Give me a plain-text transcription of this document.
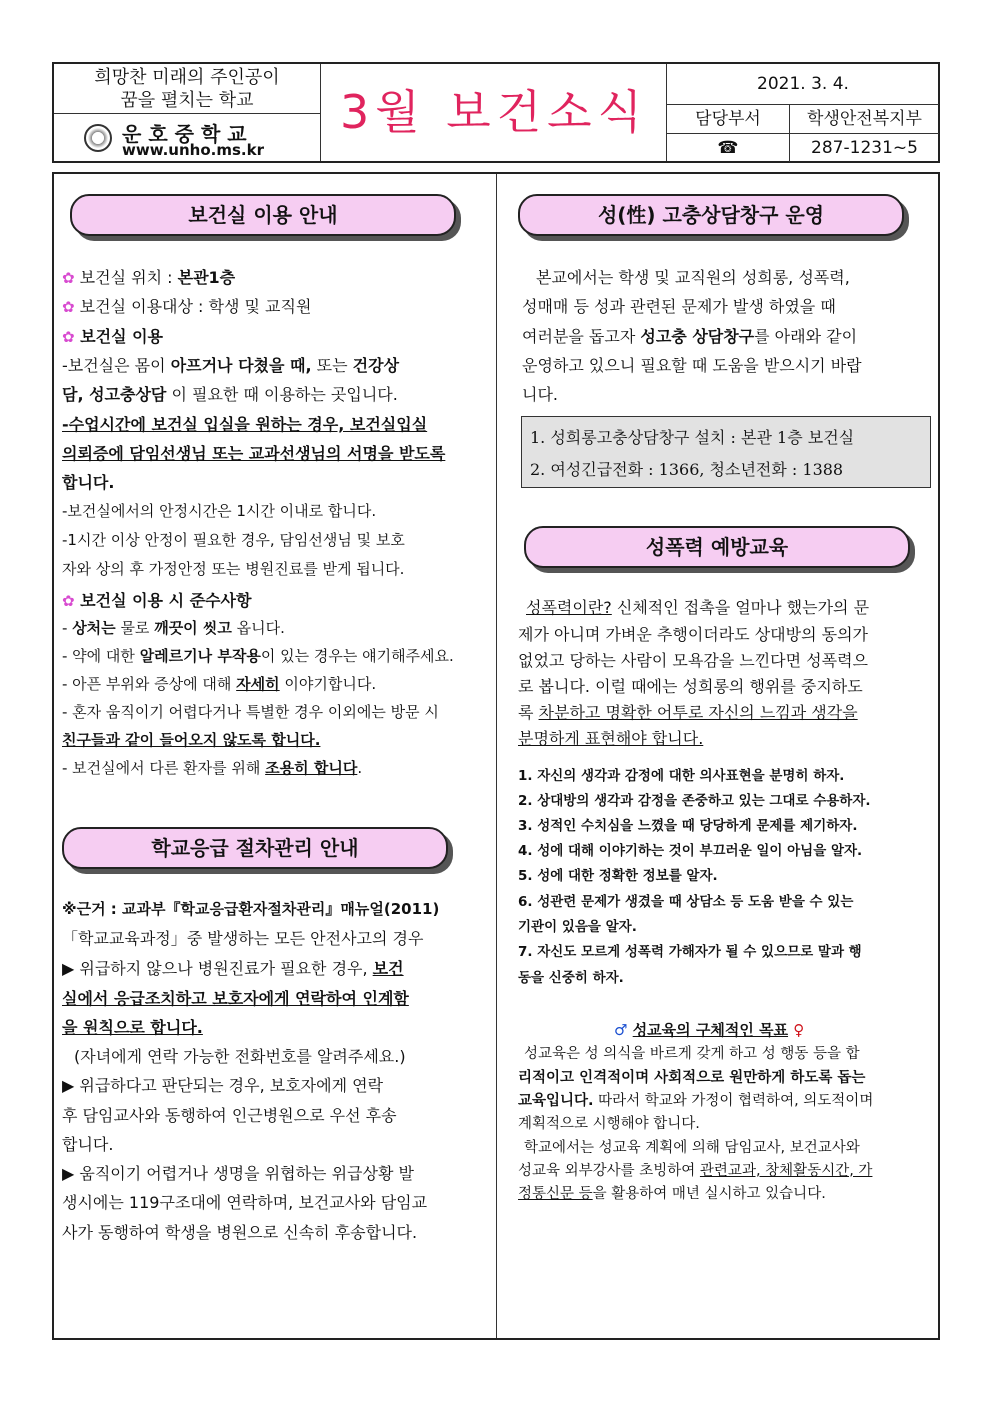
희망찬 미래의 주인공이
꿈을 펼치는 학교
운호중학교
www.unho.ms.kr
3월 보건소식
2021. 3. 4.
담당부서	학생안전복지부
☎	287-1231~5
보건실 이용 안내
✿ 보건실 위치 : 본관1층
✿ 보건실 이용대상 : 학생 및 교직원
✿ 보건실 이용
-보건실은 몸이 아프거나 다쳤을 때, 또는 건강상
담, 성고충상담 이 필요한 때 이용하는 곳입니다.
-수업시간에 보건실 입실을 원하는 경우, 보건실입실
의뢰증에 담임선생님 또는 교과선생님의 서명을 받도록
합니다.
-보건실에서의 안정시간은 1시간 이내로 합니다.
-1시간 이상 안정이 필요한 경우, 담임선생님 및 보호
자와 상의 후 가정안정 또는 병원진료를 받게 됩니다.
✿ 보건실 이용 시 준수사항
- 상처는 물로 깨끗이 씻고 옵니다.
- 약에 대한 알레르기나 부작용이 있는 경우는 얘기해주세요.
- 아픈 부위와 증상에 대해 자세히 이야기합니다.
- 혼자 움직이기 어렵다거나 특별한 경우 이외에는 방문 시
친구들과 같이 들어오지 않도록 합니다.
- 보건실에서 다른 환자를 위해 조용히 합니다.
학교응급 절차관리 안내
※근거 : 교과부『학교응급환자절차관리』매뉴얼(2011)
「학교교육과정」중 발생하는 모든 안전사고의 경우
▶ 위급하지 않으나 병원진료가 필요한 경우, 보건
실에서 응급조치하고 보호자에게 연락하여 인계함
을 원칙으로 합니다.
(자녀에게 연락 가능한 전화번호를 알려주세요.)
▶ 위급하다고 판단되는 경우, 보호자에게 연락
후 담임교사와 동행하여 인근병원으로 우선 후송
합니다.
▶ 움직이기 어렵거나 생명을 위협하는 위급상황 발
생시에는 119구조대에 연락하며, 보건교사와 담임교
사가 동행하여 학생을 병원으로 신속히 후송합니다.
성(性) 고충상담창구 운영
본교에서는 학생 및 교직원의 성희롱, 성폭력,
성매매 등 성과 관련된 문제가 발생 하였을 때
여러분을 돕고자 성고충 상담창구를 아래와 같이
운영하고 있으니 필요할 때 도움을 받으시기 바랍
니다.
1. 성희롱고충상담창구 설치 : 본관 1층 보건실
2. 여성긴급전화 : 1366, 청소년전화 : 1388
성폭력 예방교육
성폭력이란? 신체적인 접촉을 얼마나 했는가의 문
제가 아니며 가벼운 추행이더라도 상대방의 동의가
없었고 당하는 사람이 모욕감을 느낀다면 성폭력으
로 봅니다. 이럴 때에는 성희롱의 행위를 중지하도
록 차분하고 명확한 어투로 자신의 느낌과 생각을
분명하게 표현해야 합니다.
1. 자신의 생각과 감정에 대한 의사표현을 분명히 하자.
2. 상대방의 생각과 감정을 존중하고 있는 그대로 수용하자.
3. 성적인 수치심을 느꼈을 때 당당하게 문제를 제기하자.
4. 성에 대해 이야기하는 것이 부끄러운 일이 아님을 알자.
5. 성에 대한 정확한 정보를 알자.
6. 성관련 문제가 생겼을 때 상담소 등 도움 받을 수 있는
기관이 있음을 알자.
7. 자신도 모르게 성폭력 가해자가 될 수 있으므로 말과 행
동을 신중히 하자.
♂ 성교육의 구체적인 목표 ♀
성교육은 성 의식을 바르게 갖게 하고 성 행동 등을 합
리적이고 인격적이며 사회적으로 원만하게 하도록 돕는
교육입니다. 따라서 학교와 가정이 협력하여, 의도적이며
계획적으로 시행해야 합니다.
학교에서는 성교육 계획에 의해 담임교사, 보건교사와
성교육 외부강사를 초빙하여 관련교과, 창체활동시간, 가
정통신문 등을 활용하여 매년 실시하고 있습니다.
